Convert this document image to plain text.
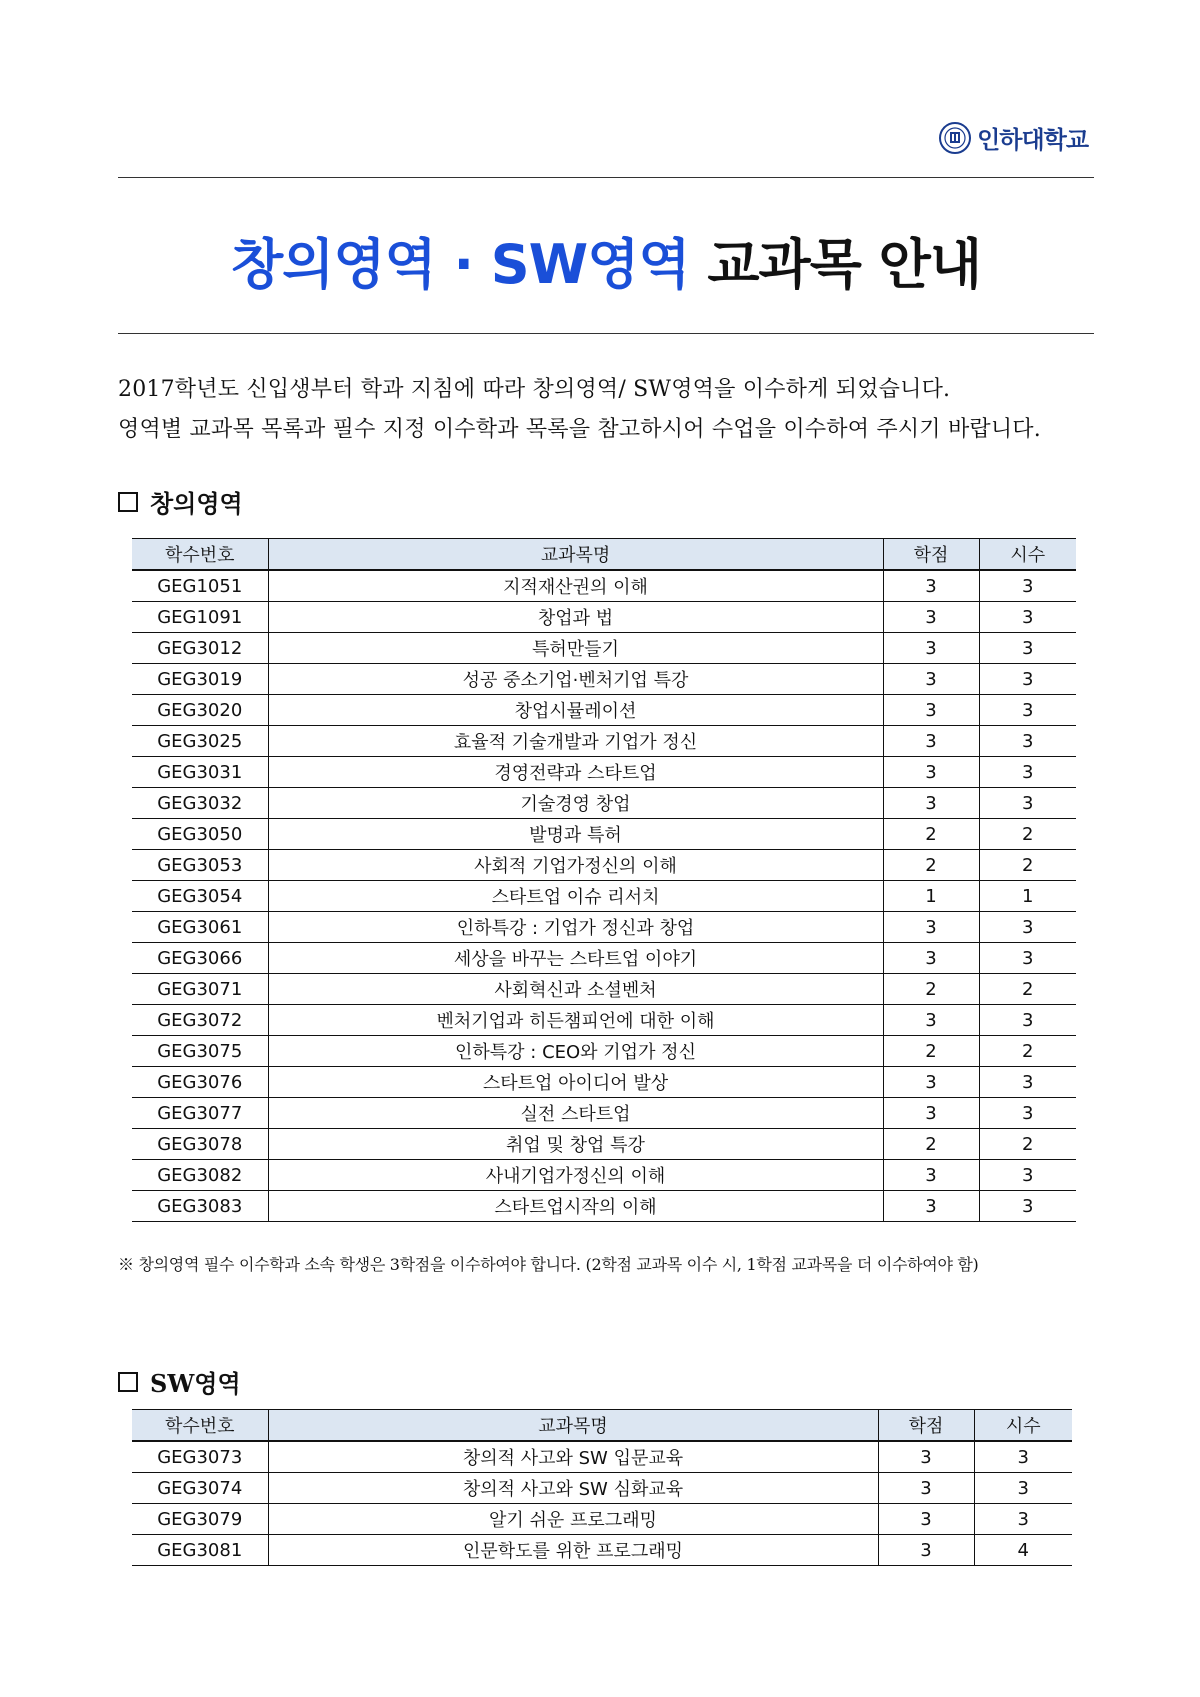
인하대학교
창의영역 · SW영역 교과목 안내

2017학년도 신입생부터 학과 지침에 따라 창의영역/ SW영역을 이수하게 되었습니다.

영역별 교과목 목록과 필수 지정 이수학과 목록을 참고하시어 수업을 이수하여 주시기 바랍니다.

창의영역
학수번호	교과목명	학점	시수
GEG1051	지적재산권의 이해	3	3
GEG1091	창업과 법	3	3
GEG3012	특허만들기	3	3
GEG3019	성공 중소기업·벤처기업 특강	3	3
GEG3020	창업시뮬레이션	3	3
GEG3025	효율적 기술개발과 기업가 정신	3	3
GEG3031	경영전략과 스타트업	3	3
GEG3032	기술경영 창업	3	3
GEG3050	발명과 특허	2	2
GEG3053	사회적 기업가정신의 이해	2	2
GEG3054	스타트업 이슈 리서치	1	1
GEG3061	인하특강 : 기업가 정신과 창업	3	3
GEG3066	세상을 바꾸는 스타트업 이야기	3	3
GEG3071	사회혁신과 소셜벤처	2	2
GEG3072	벤처기업과 히든챔피언에 대한 이해	3	3
GEG3075	인하특강 : CEO와 기업가 정신	2	2
GEG3076	스타트업 아이디어 발상	3	3
GEG3077	실전 스타트업	3	3
GEG3078	취업 및 창업 특강	2	2
GEG3082	사내기업가정신의 이해	3	3
GEG3083	스타트업시작의 이해	3	3
※ 창의영역 필수 이수학과 소속 학생은 3학점을 이수하여야 합니다. (2학점 교과목 이수 시, 1학점 교과목을 더 이수하여야 함)
SW영역
학수번호	교과목명	학점	시수
GEG3073	창의적 사고와 SW 입문교육	3	3
GEG3074	창의적 사고와 SW 심화교육	3	3
GEG3079	알기 쉬운 프로그래밍	3	3
GEG3081	인문학도를 위한 프로그래밍	3	4
